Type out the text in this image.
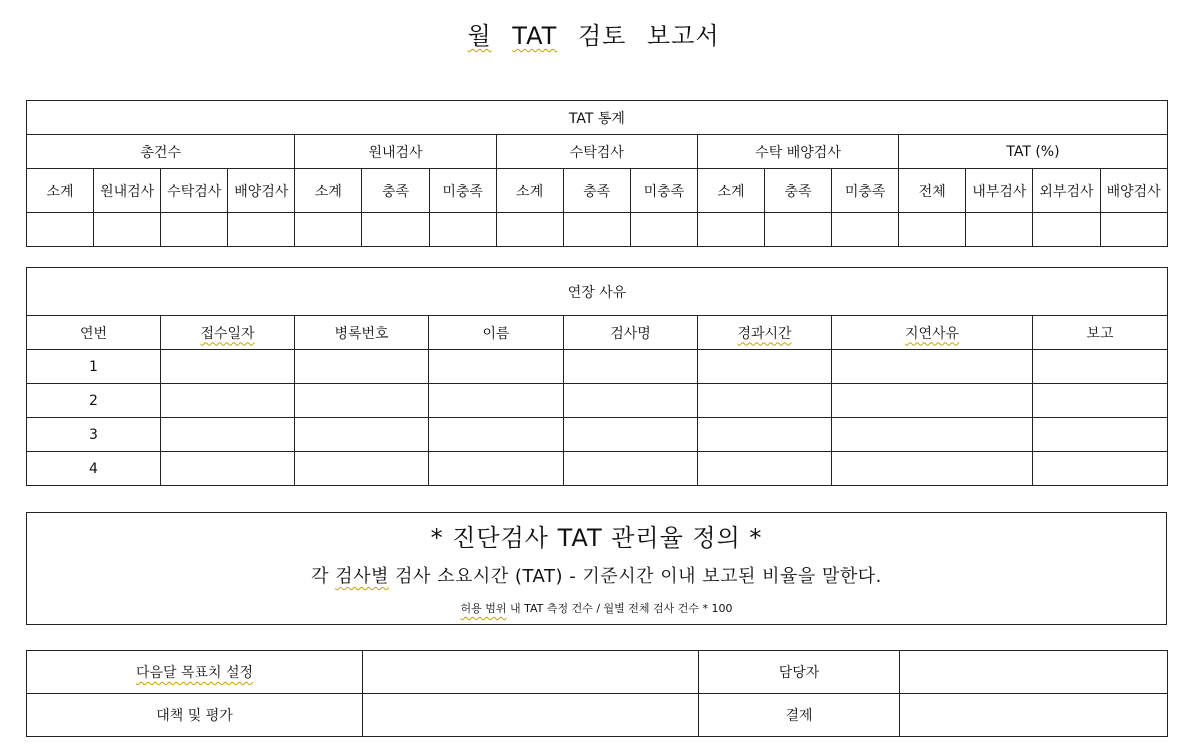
월 TAT 검토 보고서
TAT 통계																
총건수				원내검사			수탁검사			수탁 배양검사			TAT (%)			
소계	원내검사	수탁검사	배양검사	소계	충족	미충족	소계	충족	미충족	소계	충족	미충족	전체	내부검사	외부검사	배양검사

연장 사유							
연번	접수일자	병록번호	이름	검사명	경과시간	지연사유	보고
1							
2							
3							
4							
* 진단검사 TAT 관리율 정의 *
각 검사별 검사 소요시간 (TAT) - 기준시간 이내 보고된 비율을 말한다.
허용 범위 내 TAT 측정 건수 / 월별 전체 검사 건수 * 100
다음달 목표치 설정		담당자	
대책 및 평가		결제	
